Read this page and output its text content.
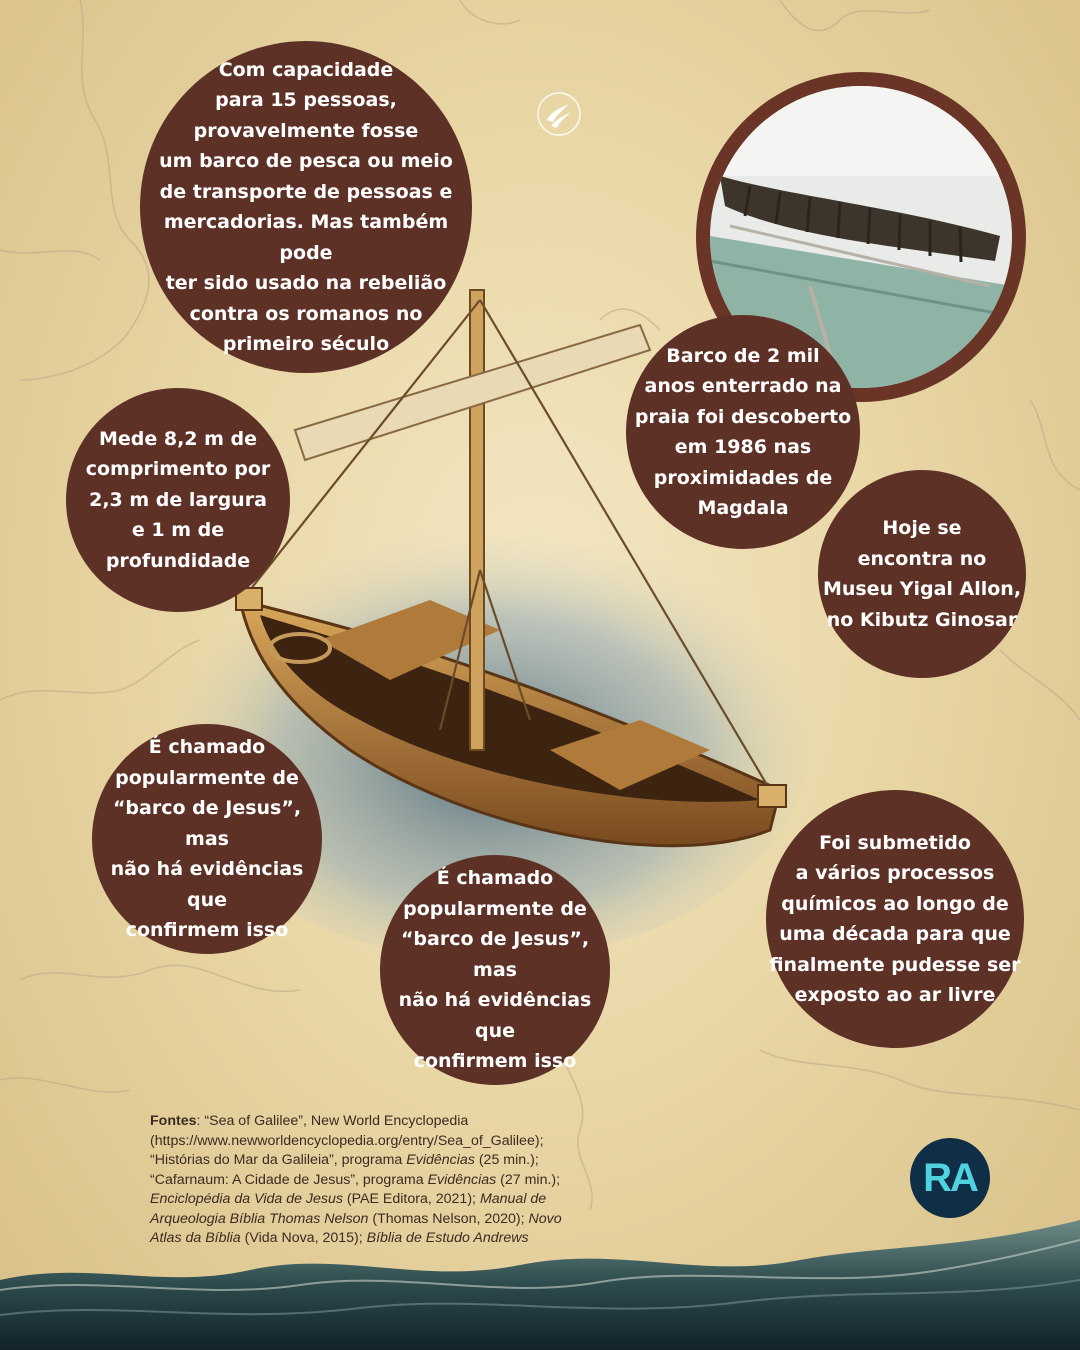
Com capacidade
para 15 pessoas,
provavelmente fosse
um barco de pesca ou meio
de transporte de pessoas e
mercadorias. Mas também pode
ter sido usado na rebelião
contra os romanos no
primeiro século
Mede 8,2 m de
comprimento por
2,3 m de largura
e 1 m de
profundidade
Barco de 2 mil
anos enterrado na
praia foi descoberto
em 1986 nas
proximidades de
Magdala
Hoje se
encontra no
Museu Yigal Allon,
no Kibutz Ginosar
É chamado
popularmente de
“barco de Jesus”, mas
não há evidências que
confirmem isso
É chamado
popularmente de
“barco de Jesus”, mas
não há evidências que
confirmem isso
Foi submetido
a vários processos
químicos ao longo de
uma década para que
finalmente pudesse ser
exposto ao ar livre
Fontes: “Sea of Galilee”, New World Encyclopedia
(https://www.newworldencyclopedia.org/entry/Sea_of_Galilee);
“Histórias do Mar da Galileia”, programa Evidências (25 min.);
“Cafarnaum: A Cidade de Jesus”, programa Evidências (27 min.);
Enciclopédia da Vida de Jesus (PAE Editora, 2021); Manual de
Arqueologia Bíblia Thomas Nelson (Thomas Nelson, 2020); Novo
Atlas da Bíblia (Vida Nova, 2015); Bíblia de Estudo Andrews
RA
